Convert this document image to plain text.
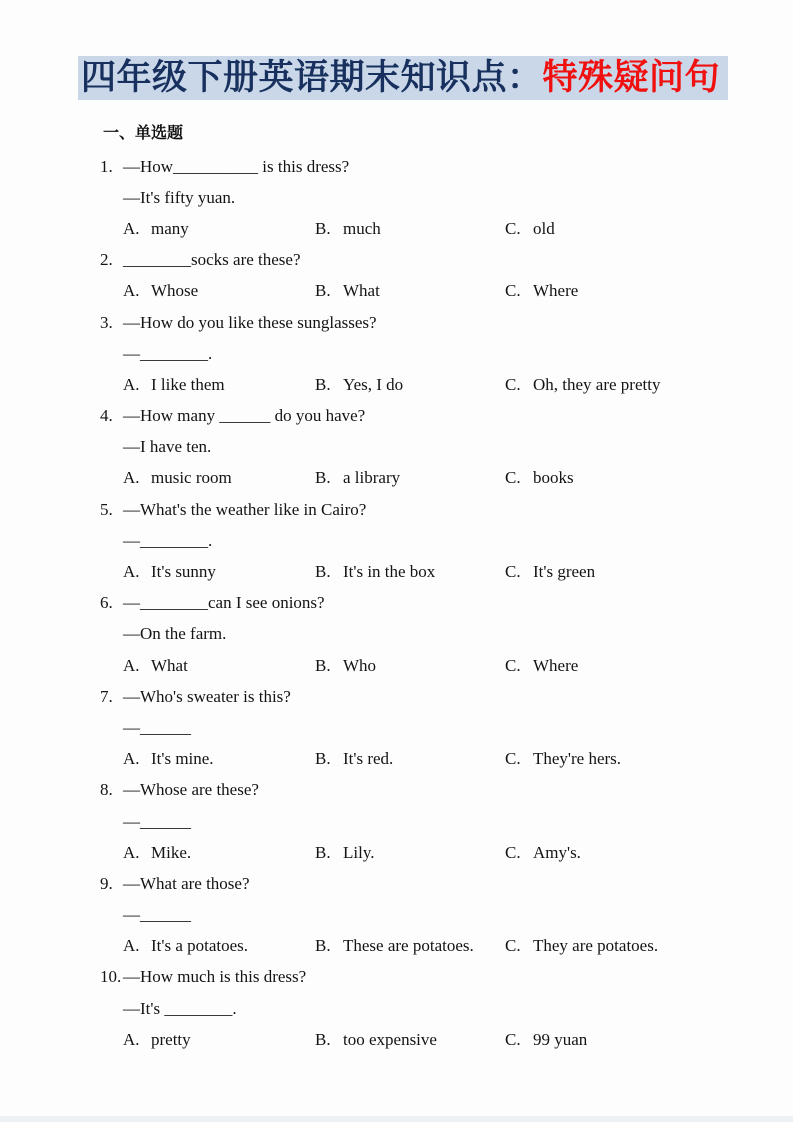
四年级下册英语期末知识点：特殊疑问句
一、单选题
1. —How__________ is this dress?
—It's fifty yuan.
A. many	B. much	C. old
2. ________socks are these?
A. Whose	B. What	C. Where
3. —How do you like these sunglasses?
—________.
A. I like them	B. Yes, I do	C. Oh, they are pretty
4. —How many ______ do you have?
—I have ten.
A. music room	B. a library	C. books
5. —What's the weather like in Cairo?
—________.
A. It's sunny	B. It's in the box	C. It's green
6. —________can I see onions?
—On the farm.
A. What	B. Who	C. Where
7. —Who's sweater is this?
—______
A. It's mine.	B. It's red.	C. They're hers.
8. —Whose are these?
—______
A. Mike.	B. Lily.	C. Amy's.
9. —What are those?
—______
A. It's a potatoes.	B. These are potatoes. C. They are potatoes.
10. —How much is this dress?
—It's ________.
A. pretty	B. too expensive	C. 99 yuan
